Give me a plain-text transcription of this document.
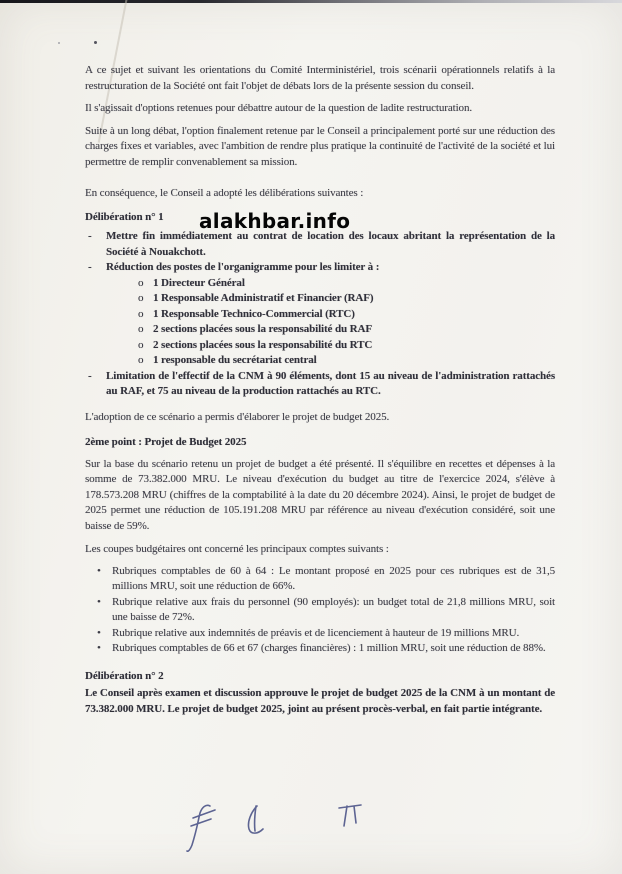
alakhbar.info

A ce sujet et suivant les orientations du Comité Interministériel, trois scénarii opérationnels relatifs à la restructuration de la Société ont fait l'objet de débats lors de la présente session du conseil.

Il s'agissait d'options retenues pour débattre autour de la question de ladite restructuration.

Suite à un long débat, l'option finalement retenue par le Conseil a principalement porté sur une réduction des charges fixes et variables, avec l'ambition de rendre plus pratique la continuité de l'activité de la société et lui permettre de remplir convenablement sa mission.

En conséquence, le Conseil a adopté les délibérations suivantes :

Délibération n° 1
-	Mettre fin immédiatement au contrat de location des locaux abritant la représentation de la Société à Nouakchott.
-	Réduction des postes de l'organigramme pour les limiter à :
o 1 Directeur Général
o 1 Responsable Administratif et Financier (RAF)
o 1 Responsable Technico-Commercial (RTC)
o 2 sections placées sous la responsabilité du RAF
o 2 sections placées sous la responsabilité du RTC
o 1 responsable du secrétariat central
-	Limitation de l'effectif de la CNM à 90 éléments, dont 15 au niveau de l'administration rattachés au RAF, et 75 au niveau de la production rattachés au RTC.

L'adoption de ce scénario a permis d'élaborer le projet de budget 2025.

2ème point : Projet de Budget 2025

Sur la base du scénario retenu un projet de budget a été présenté. Il s'équilibre en recettes et dépenses à la somme de 73.382.000 MRU. Le niveau d'exécution du budget au titre de l'exercice 2024, s'élève à 178.573.208 MRU (chiffres de la comptabilité à la date du 20 décembre 2024). Ainsi, le projet de budget de 2025 permet une réduction de 105.191.208 MRU par référence au niveau d'exécution considéré, soit une baisse de 59%.

Les coupes budgétaires ont concerné les principaux comptes suivants :

•	Rubriques comptables de 60 à 64 : Le montant proposé en 2025 pour ces rubriques est de 31,5 millions MRU, soit une réduction de 66%.
•	Rubrique relative aux frais du personnel (90 employés): un budget total de 21,8 millions MRU, soit une baisse de 72%.
•	Rubrique relative aux indemnités de préavis et de licenciement à hauteur de 19 millions MRU.
•	Rubriques comptables de 66 et 67 (charges financières) : 1 million MRU, soit une réduction de 88%.
Délibération n° 2

Le Conseil après examen et discussion approuve le projet de budget 2025 de la CNM à un montant de 73.382.000 MRU. Le projet de budget 2025, joint au présent procès-verbal, en fait partie intégrante.
